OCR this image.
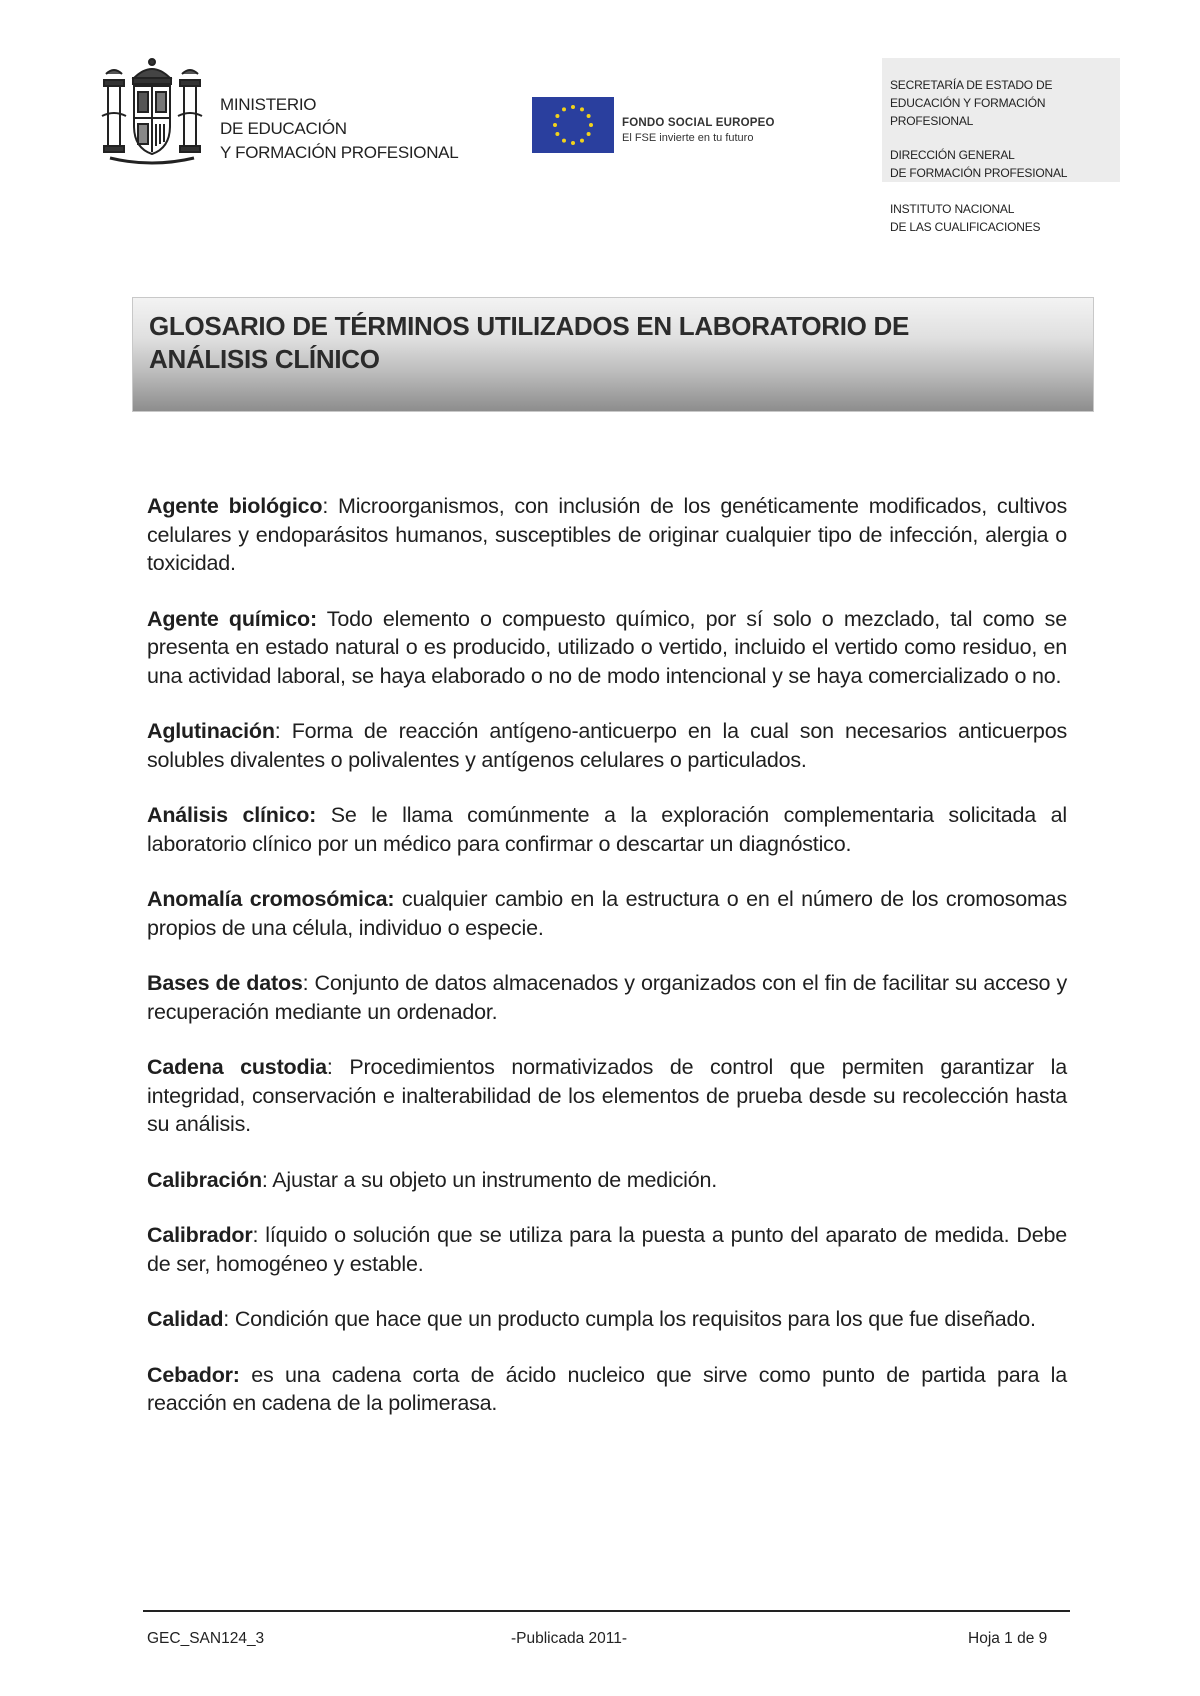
MINISTERIO
DE EDUCACIÓN
Y FORMACIÓN PROFESIONAL
FONDO SOCIAL EUROPEO
El FSE invierte en tu futuro
SECRETARÍA DE ESTADO DE
EDUCACIÓN Y FORMACIÓN
PROFESIONAL
DIRECCIÓN GENERAL
DE FORMACIÓN PROFESIONAL
INSTITUTO NACIONAL
DE LAS CUALIFICACIONES
GLOSARIO DE TÉRMINOS UTILIZADOS EN LABORATORIO DE
ANÁLISIS CLÍNICO

Agente biológico: Microorganismos, con inclusión de los genéticamente modificados, cultivos celulares y endoparásitos humanos, susceptibles de originar cualquier tipo de infección, alergia o toxicidad.

Agente químico: Todo elemento o compuesto químico, por sí solo o mezclado, tal como se presenta en estado natural o es producido, utilizado o vertido, incluido el vertido como residuo, en una actividad laboral, se haya elaborado o no de modo intencional y se haya comercializado o no.

Aglutinación: Forma de reacción antígeno-anticuerpo en la cual son necesarios anticuerpos solubles divalentes o polivalentes y antígenos celulares o particulados.

Análisis clínico: Se le llama comúnmente a la exploración complementaria solicitada al laboratorio clínico por un médico para confirmar o descartar un diagnóstico.

Anomalía cromosómica: cualquier cambio en la estructura o en el número de los cromosomas propios de una célula, individuo o especie.

Bases de datos: Conjunto de datos almacenados y organizados con el fin de facilitar su acceso y recuperación mediante un ordenador.

Cadena custodia: Procedimientos normativizados de control que permiten garantizar la integridad, conservación e inalterabilidad de los elementos de prueba desde su recolección hasta su análisis.

Calibración: Ajustar a su objeto un instrumento de medición.

Calibrador: líquido o solución que se utiliza para la puesta a punto del aparato de medida. Debe de ser, homogéneo y estable.

Calidad: Condición que hace que un producto cumpla los requisitos para los que fue diseñado.

Cebador: es una cadena corta de ácido nucleico que sirve como punto de partida para la reacción en cadena de la polimerasa.

GEC_SAN124_3	-Publicada 2011-	Hoja 1 de 9
